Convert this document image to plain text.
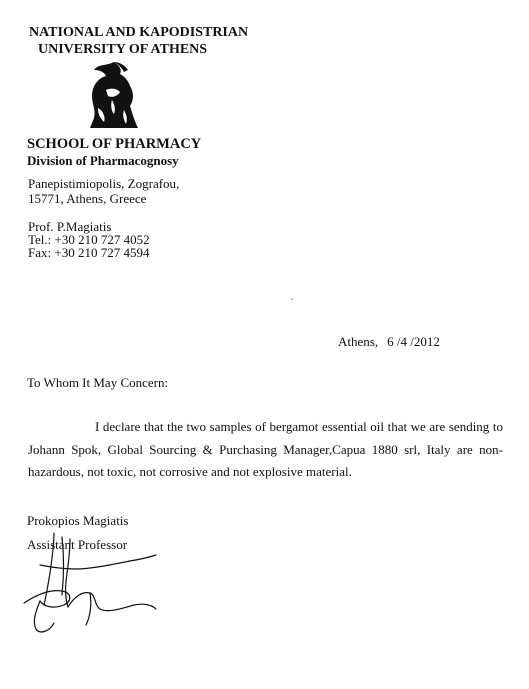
NATIONAL AND KAPODISTRIAN
UNIVERSITY OF ATHENS
SCHOOL OF PHARMACY
Division of Pharmacognosy
Panepistimiopolis, Zografou,
15771, Athens, Greece
Prof. P.Magiatis
Tel.: +30 210 727 4052
Fax: +30 210 727 4594
Athens, 6 /4 /2012
To Whom It May Concern:
I declare that the two samples of bergamot essential oil that we are sending to Johann Spok, Global Sourcing & Purchasing Manager,Capua 1880 srl, Italy are non-hazardous, not toxic, not corrosive and not explosive material.
Prokopios Magiatis
Assistant Professor
